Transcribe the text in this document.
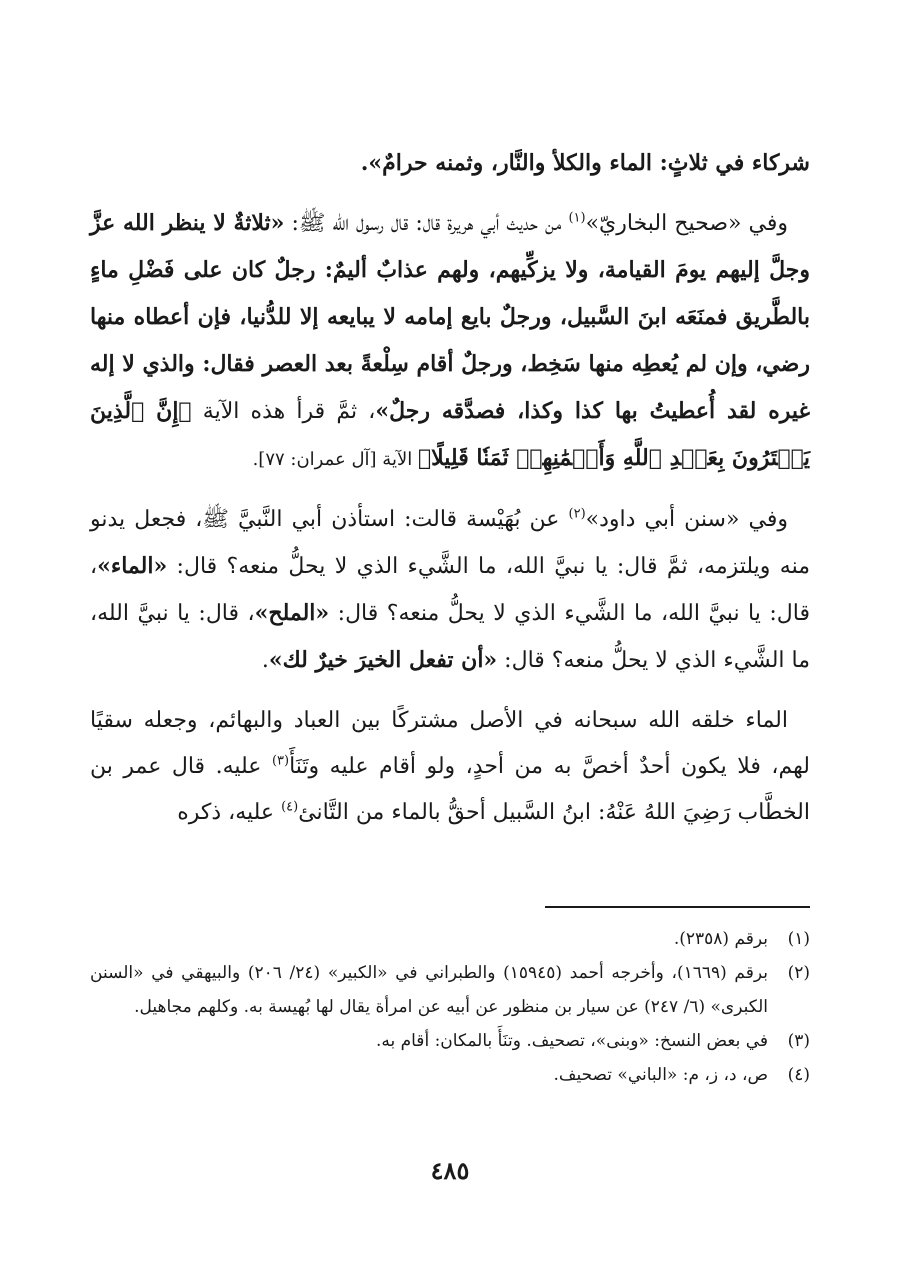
شركاء في ثلاثٍ: الماء والكلأ والنَّار، وثمنه حرامٌ».

وفي «صحيح البخاريّ»$^{(١)}$ من حديث أبي هريرة قال: قال رسول الله ﷺ: «ثلاثةٌ لا ينظر الله عزَّ وجلَّ إليهم يومَ القيامة، ولا يزكِّيهم، ولهم عذابٌ أليمٌ: رجلٌ كان على فَضْلِ ماءٍ بالطَّريق فمنَعَه ابنَ السَّبيل، ورجلٌ بايع إمامه لا يبايعه إلا للدُّنيا، فإن أعطاه منها رضي، وإن لم يُعطِه منها سَخِط، ورجلٌ أقام سِلْعةً بعد العصر فقال: والذي لا إله غيره لقد أُعطيتُ بها كذا وكذا، فصدَّقه رجلٌ»، ثمَّ قرأ هذه الآية ﴿إِنَّ ٱلَّذِينَ يَشۡتَرُونَ بِعَهۡدِ ٱللَّهِ وَأَيۡمَٰنِهِمۡ ثَمَنٗا قَلِيلًا﴾ الآية [آل عمران: ٧٧].

وفي «سنن أبي داود»$^{(٢)}$ عن بُهَيْسة قالت: استأذن أبي النَّبيَّ ﷺ، فجعل يدنو منه ويلتزمه، ثمَّ قال: يا نبيَّ الله، ما الشَّيء الذي لا يحلُّ منعه؟ قال: «الماء»، قال: يا نبيَّ الله، ما الشَّيء الذي لا يحلُّ منعه؟ قال: «الملح»، قال: يا نبيَّ الله، ما الشَّيء الذي لا يحلُّ منعه؟ قال: «أن تفعل الخيرَ خيرٌ لك».

الماء خلقه الله سبحانه في الأصل مشتركًا بين العباد والبهائم، وجعله سقيًا لهم، فلا يكون أحدٌ أخصَّ به من أحدٍ، ولو أقام عليه وتَنَأَ$^{(٣)}$ عليه. قال عمر بن الخطَّاب رَضِيَ اللهُ عَنْهُ: ابنُ السَّبيل أحقُّ بالماء من التَّانئ$^{(٤)}$ عليه، ذكره

(١)
برقم (٢٣٥٨).
(٢)
برقم (١٦٦٩)، وأخرجه أحمد (١٥٩٤٥) والطبراني في «الكبير» (٢٤/ ٢٠٦) والبيهقي في «السنن الكبرى» (٦/ ٢٤٧) عن سيار بن منظور عن أبيه عن امرأة يقال لها بُهيسة به. وكلهم مجاهيل.
(٣)
في بعض النسخ: «وبنى»، تصحيف. وتنَأَ بالمكان: أقام به.
(٤)
ص، د، ز، م: «الباني» تصحيف.
٤٨٥
